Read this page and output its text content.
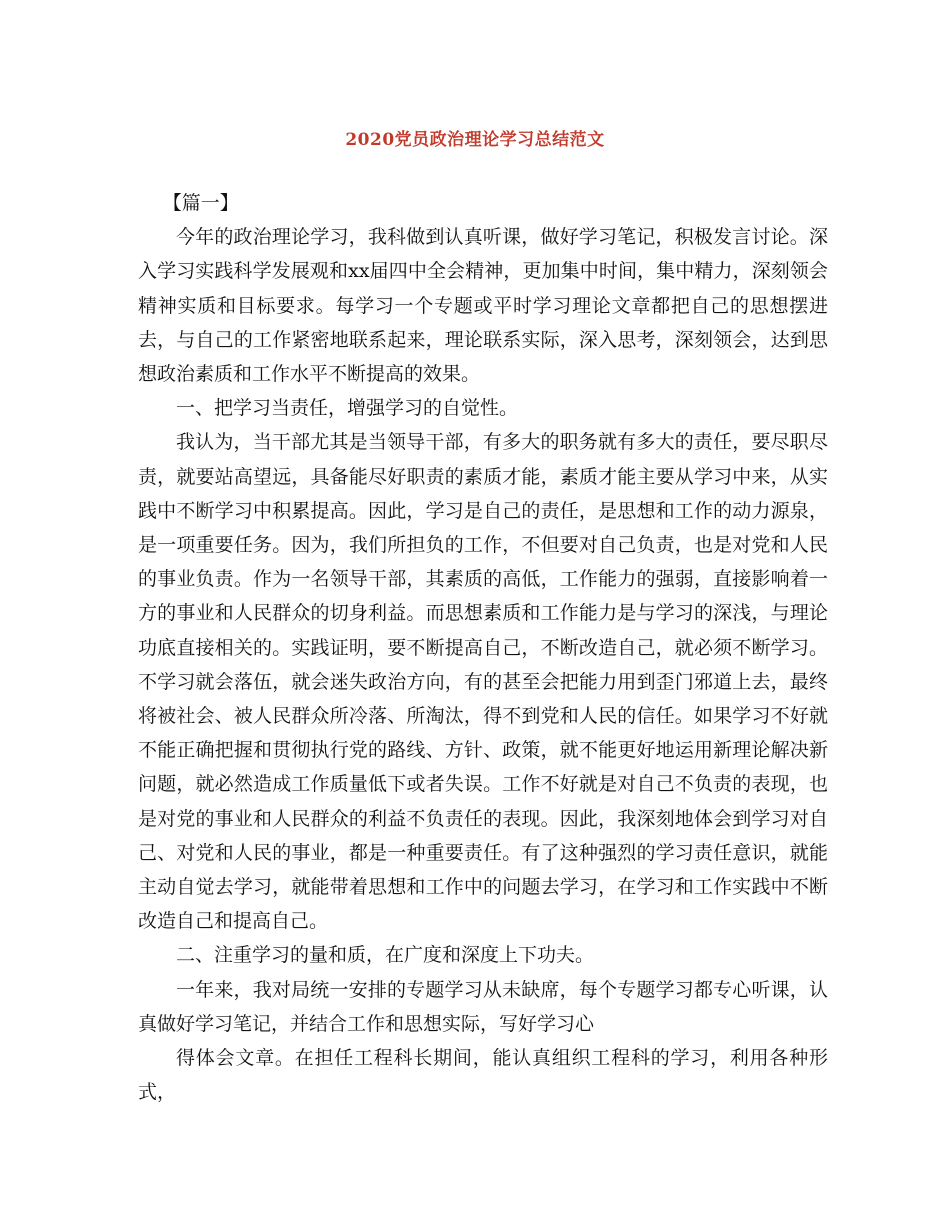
2020党员政治理论学习总结范文

【篇一】

今年的政治理论学习，我科做到认真听课，做好学习笔记，积极发言讨论。深入学习实践科学发展观和xx届四中全会精神，更加集中时间，集中精力，深刻领会精神实质和目标要求。每学习一个专题或平时学习理论文章都把自己的思想摆进去，与自己的工作紧密地联系起来，理论联系实际，深入思考，深刻领会，达到思想政治素质和工作水平不断提高的效果。

一、把学习当责任，增强学习的自觉性。

我认为，当干部尤其是当领导干部，有多大的职务就有多大的责任，要尽职尽责，就要站高望远，具备能尽好职责的素质才能，素质才能主要从学习中来，从实践中不断学习中积累提高。因此，学习是自己的责任，是思想和工作的动力源泉，是一项重要任务。因为，我们所担负的工作，不但要对自己负责，也是对党和人民的事业负责。作为一名领导干部，其素质的高低，工作能力的强弱，直接影响着一方的事业和人民群众的切身利益。而思想素质和工作能力是与学习的深浅，与理论功底直接相关的。实践证明，要不断提高自己，不断改造自己，就必须不断学习。不学习就会落伍，就会迷失政治方向，有的甚至会把能力用到歪门邪道上去，最终将被社会、被人民群众所冷落、所淘汰，得不到党和人民的信任。如果学习不好就不能正确把握和贯彻执行党的路线、方针、政策，就不能更好地运用新理论解决新问题，就必然造成工作质量低下或者失误。工作不好就是对自己不负责的表现，也是对党的事业和人民群众的利益不负责任的表现。因此，我深刻地体会到学习对自己、对党和人民的事业，都是一种重要责任。有了这种强烈的学习责任意识，就能主动自觉去学习，就能带着思想和工作中的问题去学习，在学习和工作实践中不断改造自己和提高自己。

二、注重学习的量和质，在广度和深度上下功夫。

一年来，我对局统一安排的专题学习从未缺席，每个专题学习都专心听课，认真做好学习笔记，并结合工作和思想实际，写好学习心

得体会文章。在担任工程科长期间，能认真组织工程科的学习，利用各种形式，
